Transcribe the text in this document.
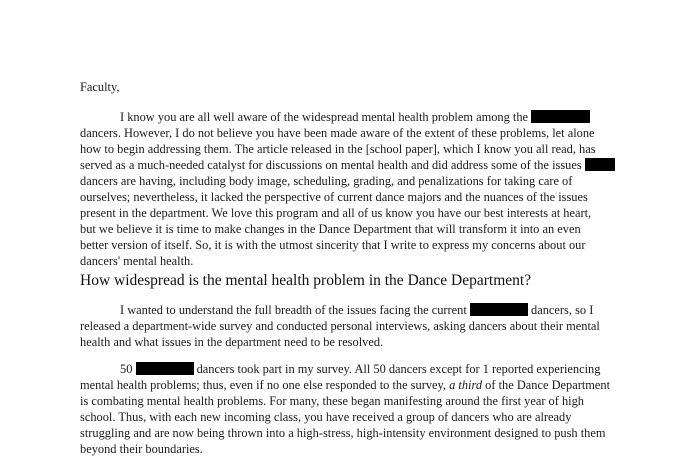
Faculty,
I know you are all well aware of the widespread mental health problem among the
dancers. However, I do not believe you have been made aware of the extent of these problems, let alone
how to begin addressing them. The article released in the [school paper], which I know you all read, has
served as a much-needed catalyst for discussions on mental health and did address some of the issues
dancers are having, including body image, scheduling, grading, and penalizations for taking care of
ourselves; nevertheless, it lacked the perspective of current dance majors and the nuances of the issues
present in the department. We love this program and all of us know you have our best interests at heart,
but we believe it is time to make changes in the Dance Department that will transform it into an even
better version of itself. So, it is with the utmost sincerity that I write to express my concerns about our
dancers' mental health.
How widespread is the mental health problem in the Dance Department?
I wanted to understand the full breadth of the issues facing the current	dancers, so I
released a department-wide survey and conducted personal interviews, asking dancers about their mental
health and what issues in the department need to be resolved.
50	dancers took part in my survey. All 50 dancers except for 1 reported experiencing
mental health problems; thus, even if no one else responded to the survey, a third of the Dance Department
is combating mental health problems. For many, these began manifesting around the first year of high
school. Thus, with each new incoming class, you have received a group of dancers who are already
struggling and are now being thrown into a high-stress, high-intensity environment designed to push them
beyond their boundaries.
